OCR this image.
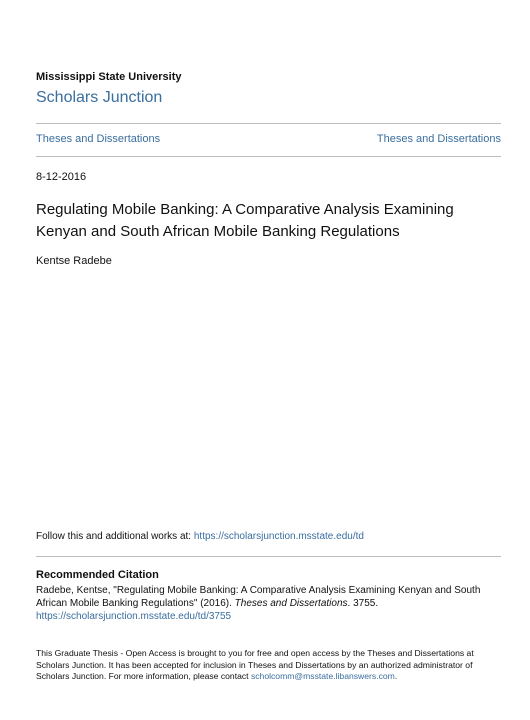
Mississippi State University
Scholars Junction
Theses and Dissertations	Theses and Dissertations
8-12-2016
Regulating Mobile Banking: A Comparative Analysis Examining Kenyan and South African Mobile Banking Regulations
Kentse Radebe
Follow this and additional works at: https://scholarsjunction.msstate.edu/td
Recommended Citation
Radebe, Kentse, "Regulating Mobile Banking: A Comparative Analysis Examining Kenyan and South African Mobile Banking Regulations" (2016). Theses and Dissertations. 3755.
https://scholarsjunction.msstate.edu/td/3755
This Graduate Thesis - Open Access is brought to you for free and open access by the Theses and Dissertations at Scholars Junction. It has been accepted for inclusion in Theses and Dissertations by an authorized administrator of Scholars Junction. For more information, please contact scholcomm@msstate.libanswers.com.
